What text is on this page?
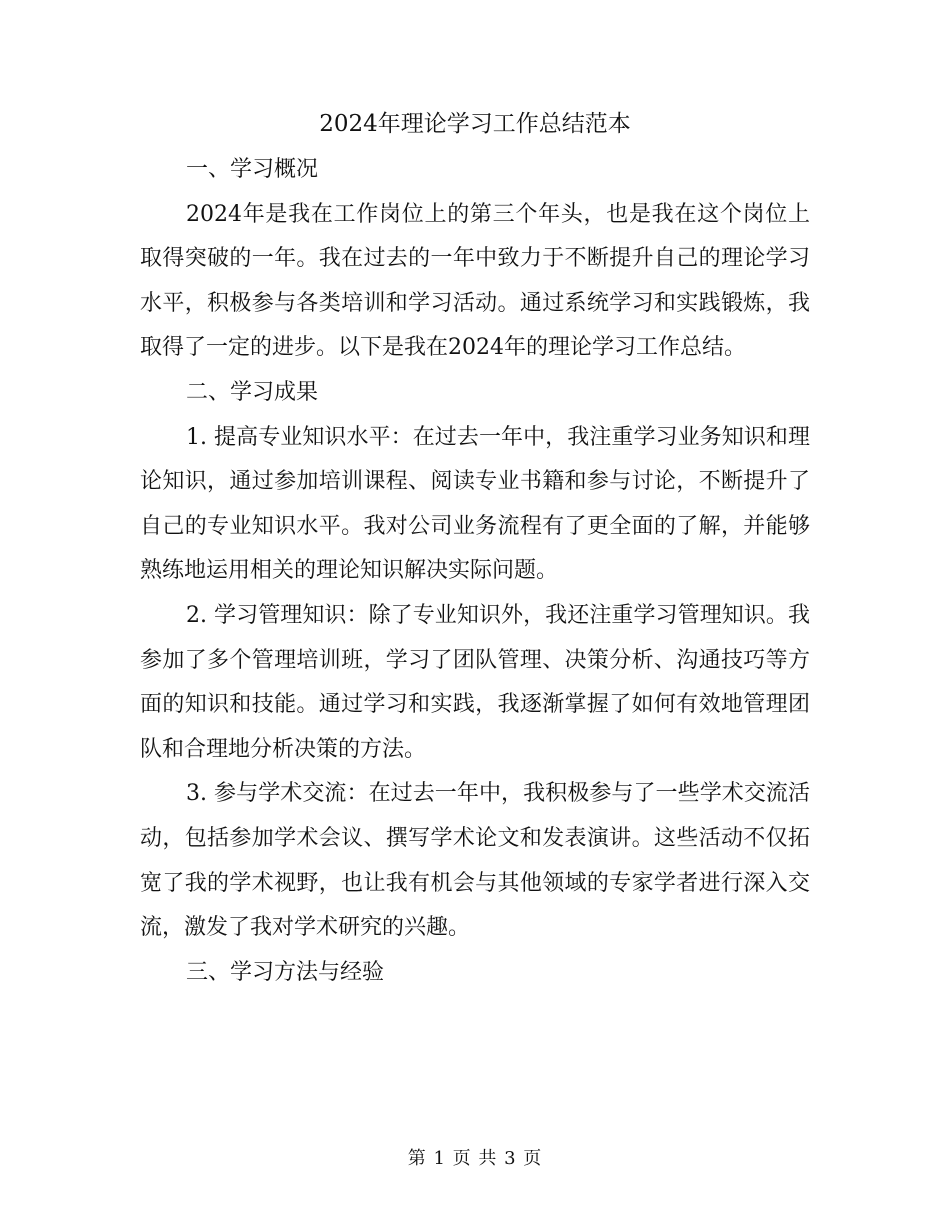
2024年理论学习工作总结范本

一、学习概况

2024年是我在工作岗位上的第三个年头，也是我在这个岗位上取得突破的一年。我在过去的一年中致力于不断提升自己的理论学习水平，积极参与各类培训和学习活动。通过系统学习和实践锻炼，我取得了一定的进步。以下是我在2024年的理论学习工作总结。

二、学习成果

1. 提高专业知识水平：在过去一年中，我注重学习业务知识和理论知识，通过参加培训课程、阅读专业书籍和参与讨论，不断提升了自己的专业知识水平。我对公司业务流程有了更全面的了解，并能够熟练地运用相关的理论知识解决实际问题。

2. 学习管理知识：除了专业知识外，我还注重学习管理知识。我参加了多个管理培训班，学习了团队管理、决策分析、沟通技巧等方面的知识和技能。通过学习和实践，我逐渐掌握了如何有效地管理团队和合理地分析决策的方法。

3. 参与学术交流：在过去一年中，我积极参与了一些学术交流活动，包括参加学术会议、撰写学术论文和发表演讲。这些活动不仅拓宽了我的学术视野，也让我有机会与其他领域的专家学者进行深入交流，激发了我对学术研究的兴趣。

三、学习方法与经验

第 1 页 共 3 页
